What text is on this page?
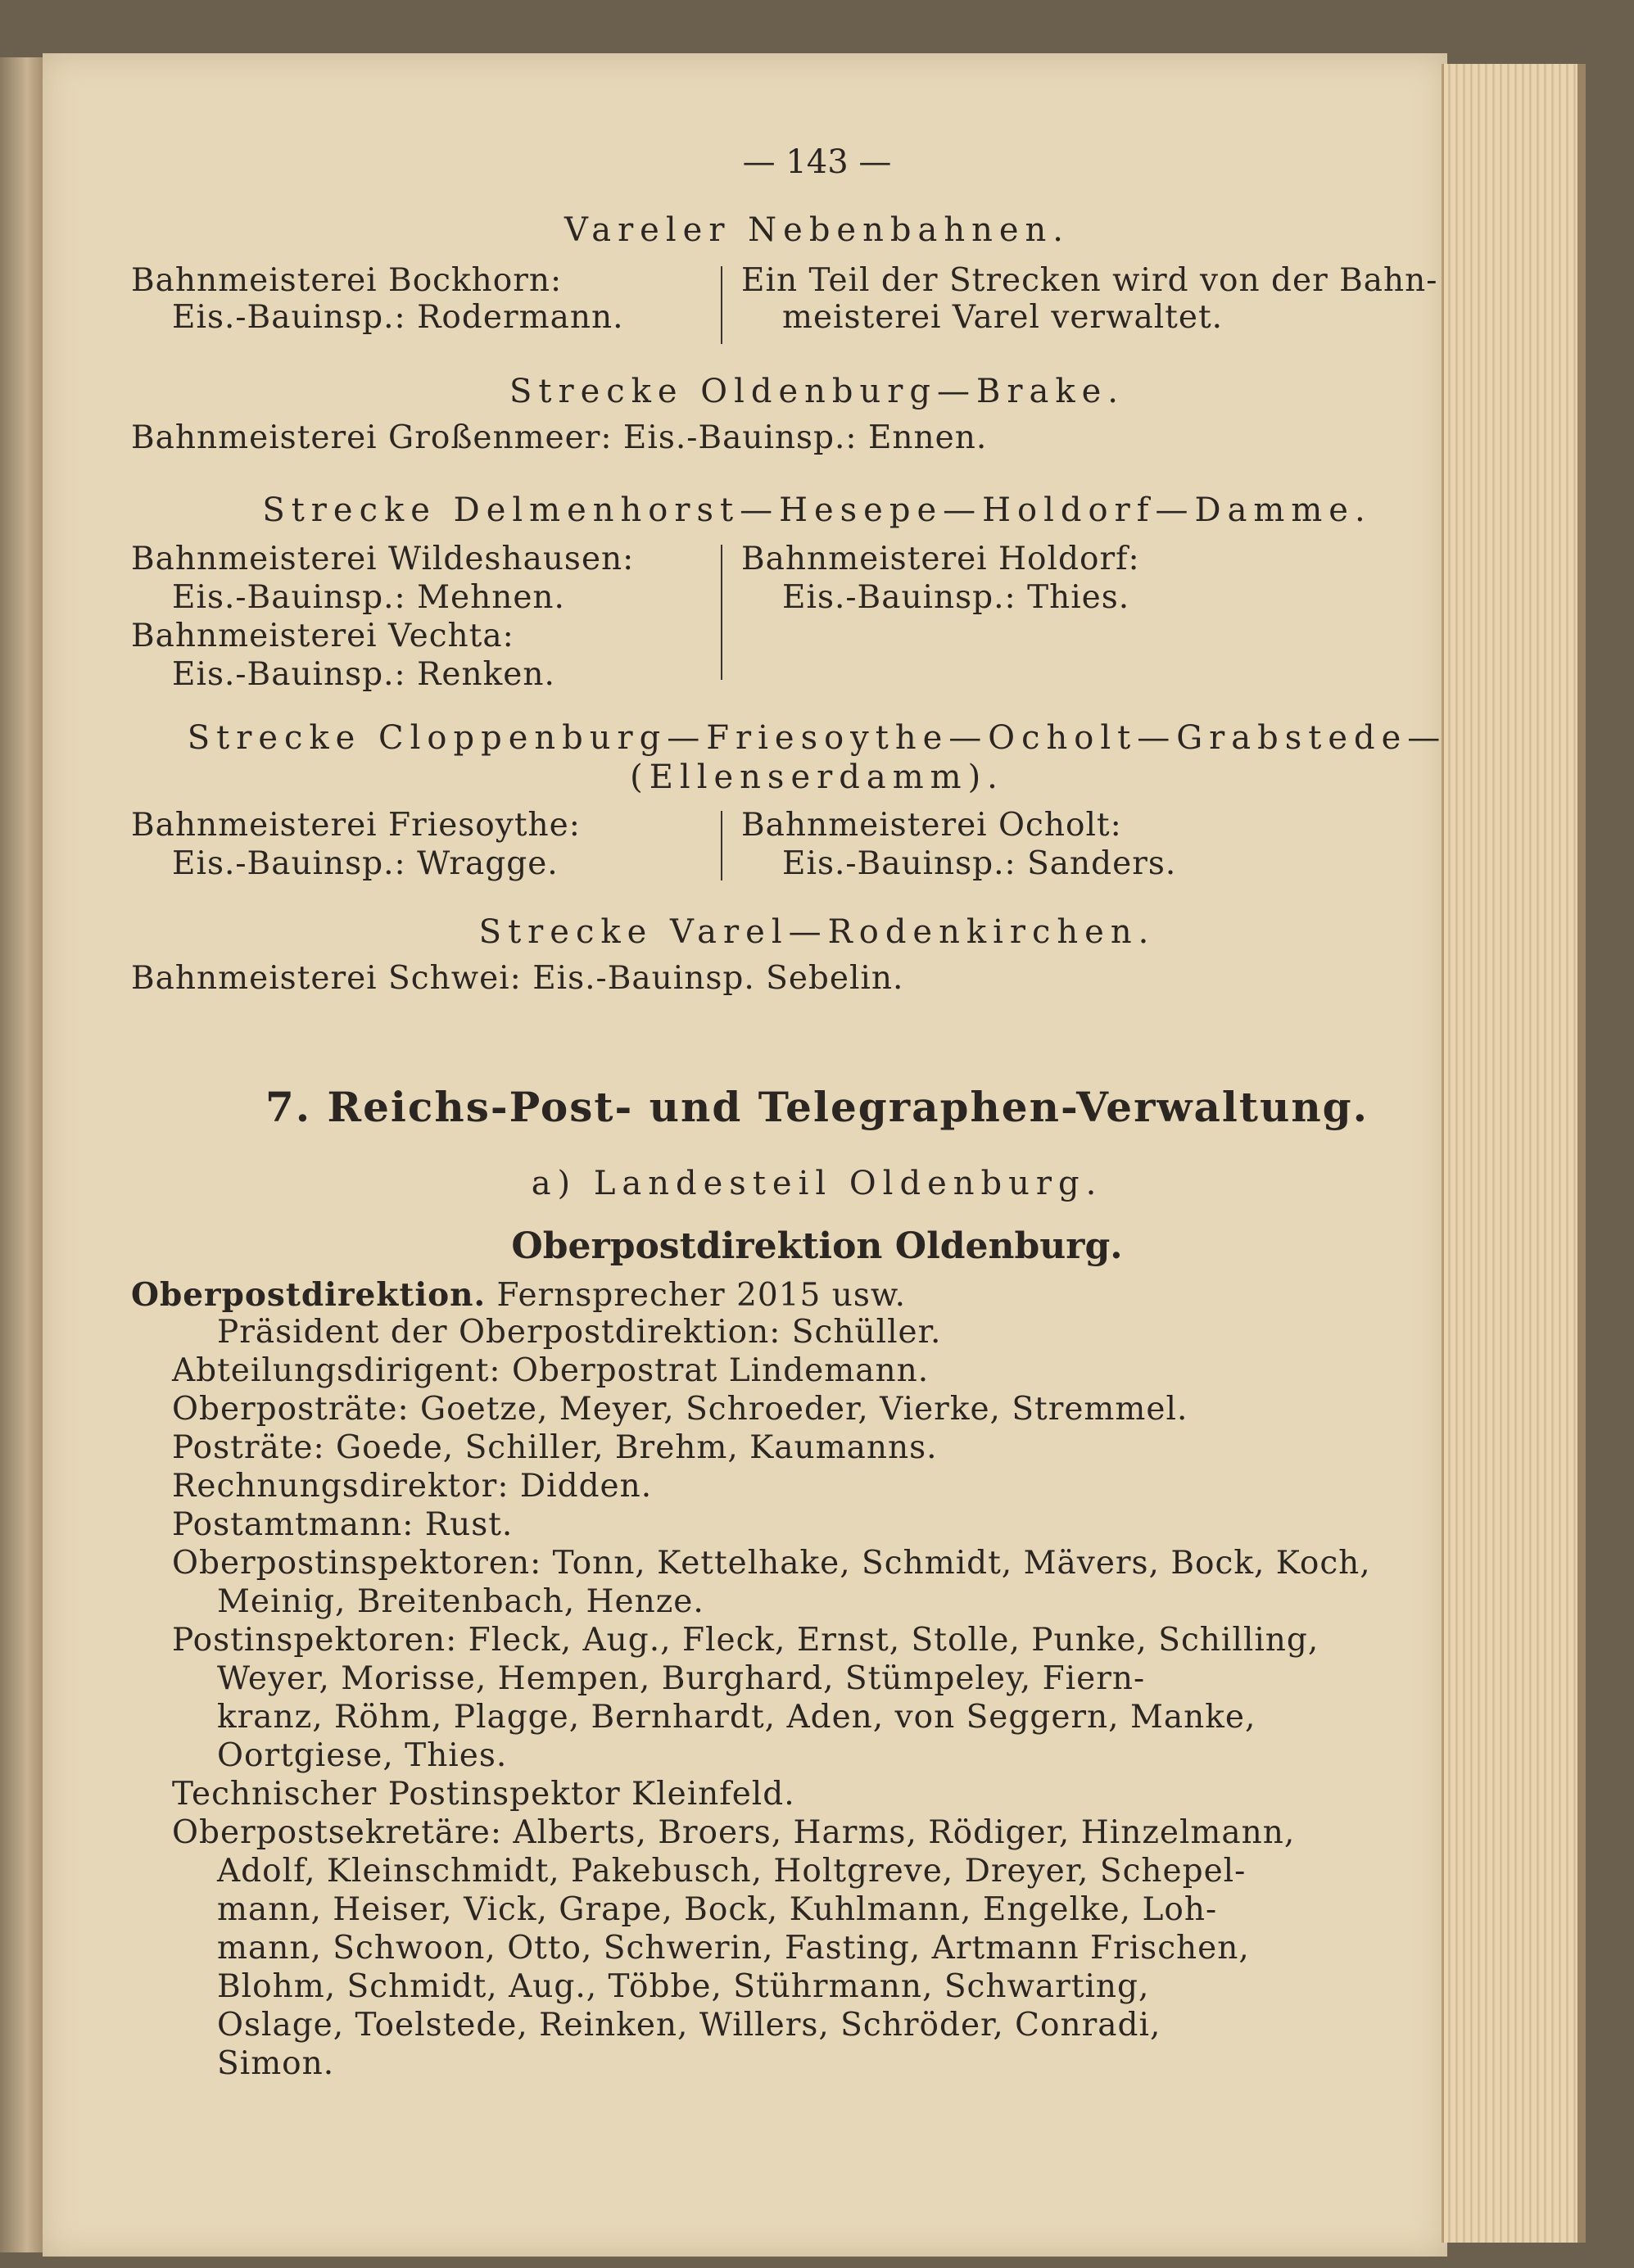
— 143 —
Vareler Nebenbahnen.
Bahnmeisterei Bockhorn:
Eis.-Bauinsp.: Rodermann.
Ein Teil der Strecken wird von der Bahn-
meisterei Varel verwaltet.
Strecke Oldenburg—Brake.
Bahnmeisterei Großenmeer: Eis.-Bauinsp.: Ennen.
Strecke Delmenhorst—Hesepe—Holdorf—Damme.
Bahnmeisterei Wildeshausen:
Eis.-Bauinsp.: Mehnen.
Bahnmeisterei Vechta:
Eis.-Bauinsp.: Renken.
Bahnmeisterei Holdorf:
Eis.-Bauinsp.: Thies.
Strecke Cloppenburg—Friesoythe—Ocholt—Grabstede—
(Ellenserdamm).
Bahnmeisterei Friesoythe:
Eis.-Bauinsp.: Wragge.
Bahnmeisterei Ocholt:
Eis.-Bauinsp.: Sanders.
Strecke Varel—Rodenkirchen.
Bahnmeisterei Schwei: Eis.-Bauinsp. Sebelin.
7. Reichs-Post- und Telegraphen-Verwaltung.
a) Landesteil Oldenburg.
Oberpostdirektion Oldenburg.
Oberpostdirektion. Fernsprecher 2015 usw.
Präsident der Oberpostdirektion: Schüller.
Abteilungsdirigent: Oberpostrat Lindemann.
Oberposträte: Goetze, Meyer, Schroeder, Vierke, Stremmel.
Posträte: Goede, Schiller, Brehm, Kaumanns.
Rechnungsdirektor: Didden.
Postamtmann: Rust.
Oberpostinspektoren: Tonn, Kettelhake, Schmidt, Mävers, Bock, Koch,
Meinig, Breitenbach, Henze.
Postinspektoren: Fleck, Aug., Fleck, Ernst, Stolle, Punke, Schilling,
Weyer, Morisse, Hempen, Burghard, Stümpeley, Fiern-
kranz, Röhm, Plagge, Bernhardt, Aden, von Seggern, Manke,
Oortgiese, Thies.
Technischer Postinspektor Kleinfeld.
Oberpostsekretäre: Alberts, Broers, Harms, Rödiger, Hinzelmann,
Adolf, Kleinschmidt, Pakebusch, Holtgreve, Dreyer, Schepel-
mann, Heiser, Vick, Grape, Bock, Kuhlmann, Engelke, Loh-
mann, Schwoon, Otto, Schwerin, Fasting, Artmann Frischen,
Blohm, Schmidt, Aug., Többe, Stührmann, Schwarting,
Oslage, Toelstede, Reinken, Willers, Schröder, Conradi,
Simon.
